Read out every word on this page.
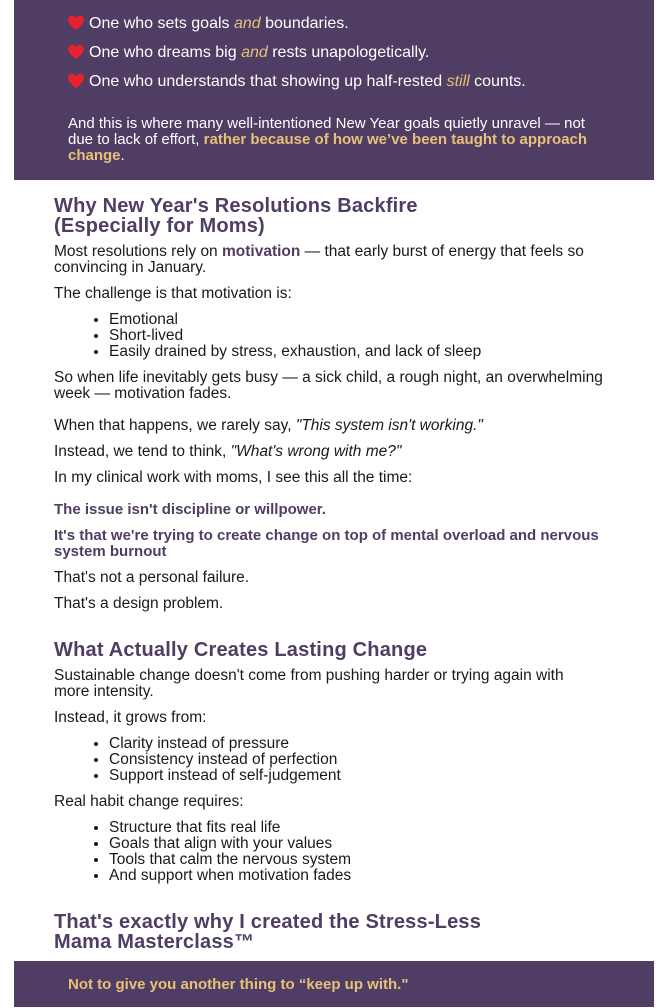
One who sets goals and boundaries.
One who dreams big and rests unapologetically.
One who understands that showing up half-rested still counts.

And this is where many well-intentioned New Year goals quietly unravel — not due to lack of effort, rather because of how we’ve been taught to approach change.

Why New Year's Resolutions Backfire (Especially for Moms)

Most resolutions rely on motivation — that early burst of energy that feels so convincing in January.

The challenge is that motivation is:

• Emotional
• Short-lived
• Easily drained by stress, exhaustion, and lack of sleep

So when life inevitably gets busy — a sick child, a rough night, an overwhelming week — motivation fades.

When that happens, we rarely say, "This system isn't working."

Instead, we tend to think, "What's wrong with me?"

In my clinical work with moms, I see this all the time:

The issue isn't discipline or willpower.

It's that we're trying to create change on top of mental overload and nervous system burnout

That's not a personal failure.

That's a design problem.

What Actually Creates Lasting Change

Sustainable change doesn't come from pushing harder or trying again with more intensity.

Instead, it grows from:

• Clarity instead of pressure
• Consistency instead of perfection
• Support instead of self-judgement

Real habit change requires:

• Structure that fits real life
• Goals that align with your values
• Tools that calm the nervous system
• And support when motivation fades
That's exactly why I created the Stress-Less Mama Masterclass™

Not to give you another thing to “keep up with."
